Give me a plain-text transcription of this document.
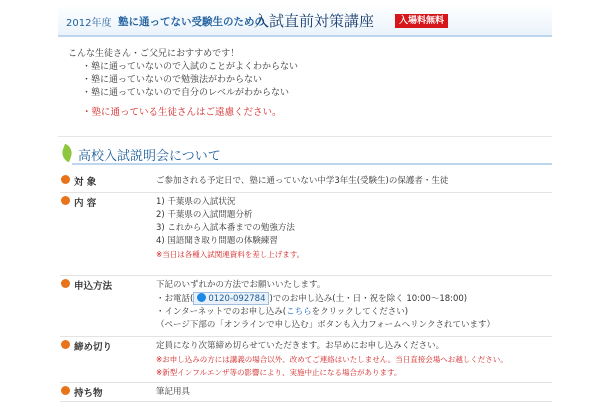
2012年度 塾に通ってない受験生のための
入試直前対策講座	入場料無料
こんな生徒さん・ご父兄におすすめです！
・塾に通っていないので入試のことがよくわからない
・塾に通っていないので勉強法がわからない
・塾に通っていないので自分のレベルがわからない
・塾に通っている生徒さんはご遠慮ください。
高校入試説明会について
対 象	ご参加される予定日で、塾に通っていない中学3年生(受験生)の保護者・生徒
内 容	1) 千葉県の入試状況
2) 千葉県の入試問題分析
3) これから入試本番までの勉強方法
4) 国語聞き取り問題の体験練習
※当日は各種入試関連資料を差し上げます。
申込方法	下記のいずれかの方法でお願いいたします。
・お電話( 0120-092784 )でのお申し込み(土・日・祝を除く 10:00～18:00)
・インターネットでのお申し込み(こちらをクリックしてください)
（ページ下部の「オンラインで申し込む」ボタンも入力フォームへリンクされています）
締め切り	定員になり次第締め切らせていただきます。お早めにお申し込みください。
※お申し込みの方には講義の場合以外、改めてご連絡はいたしません。当日直接会場へお越しください。
※新型インフルエンザ等の影響により、実施中止になる場合があります。
持ち物	筆記用具
